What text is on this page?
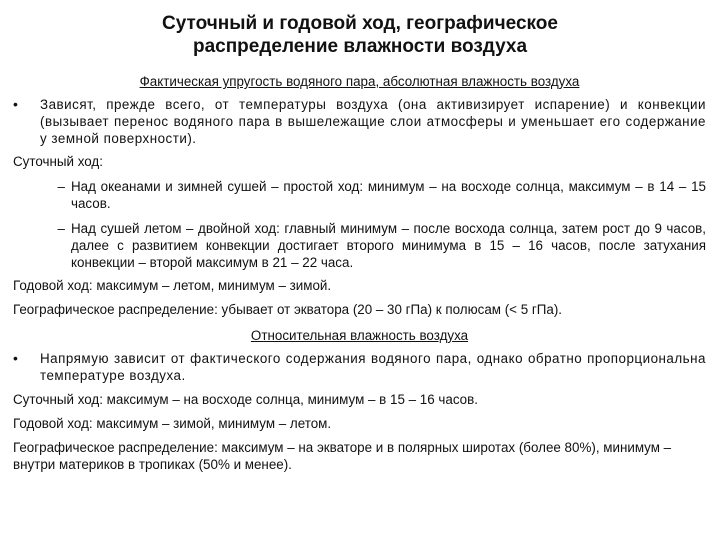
Суточный и годовой ход, географическое
распределение влажности воздуха
Фактическая упругость водяного пара, абсолютная влажность воздуха
•	Зависят, прежде всего, от температуры воздуха (она активизирует испарение) и конвекции (вызывает перенос водяного пара в вышележащие слои атмосферы и уменьшает его содержание у земной поверхности).
Суточный ход:
– Над океанами и зимней сушей – простой ход: минимум – на восходе солнца, максимум – в 14 – 15 часов.
– Над сушей летом – двойной ход: главный минимум – после восхода солнца, затем рост до 9 часов, далее с развитием конвекции достигает второго минимума в 15 – 16 часов, после затухания конвекции – второй максимум в 21 – 22 часа.
Годовой ход: максимум – летом, минимум – зимой.
Географическое распределение: убывает от экватора (20 – 30 гПа) к полюсам (< 5 гПа).
Относительная влажность воздуха
•	Напрямую зависит от фактического содержания водяного пара, однако обратно пропорциональна температуре воздуха.
Суточный ход: максимум – на восходе солнца, минимум – в 15 – 16 часов.
Годовой ход: максимум – зимой, минимум – летом.
Географическое распределение: максимум – на экваторе и в полярных широтах (более 80%), минимум – внутри материков в тропиках (50% и менее).
